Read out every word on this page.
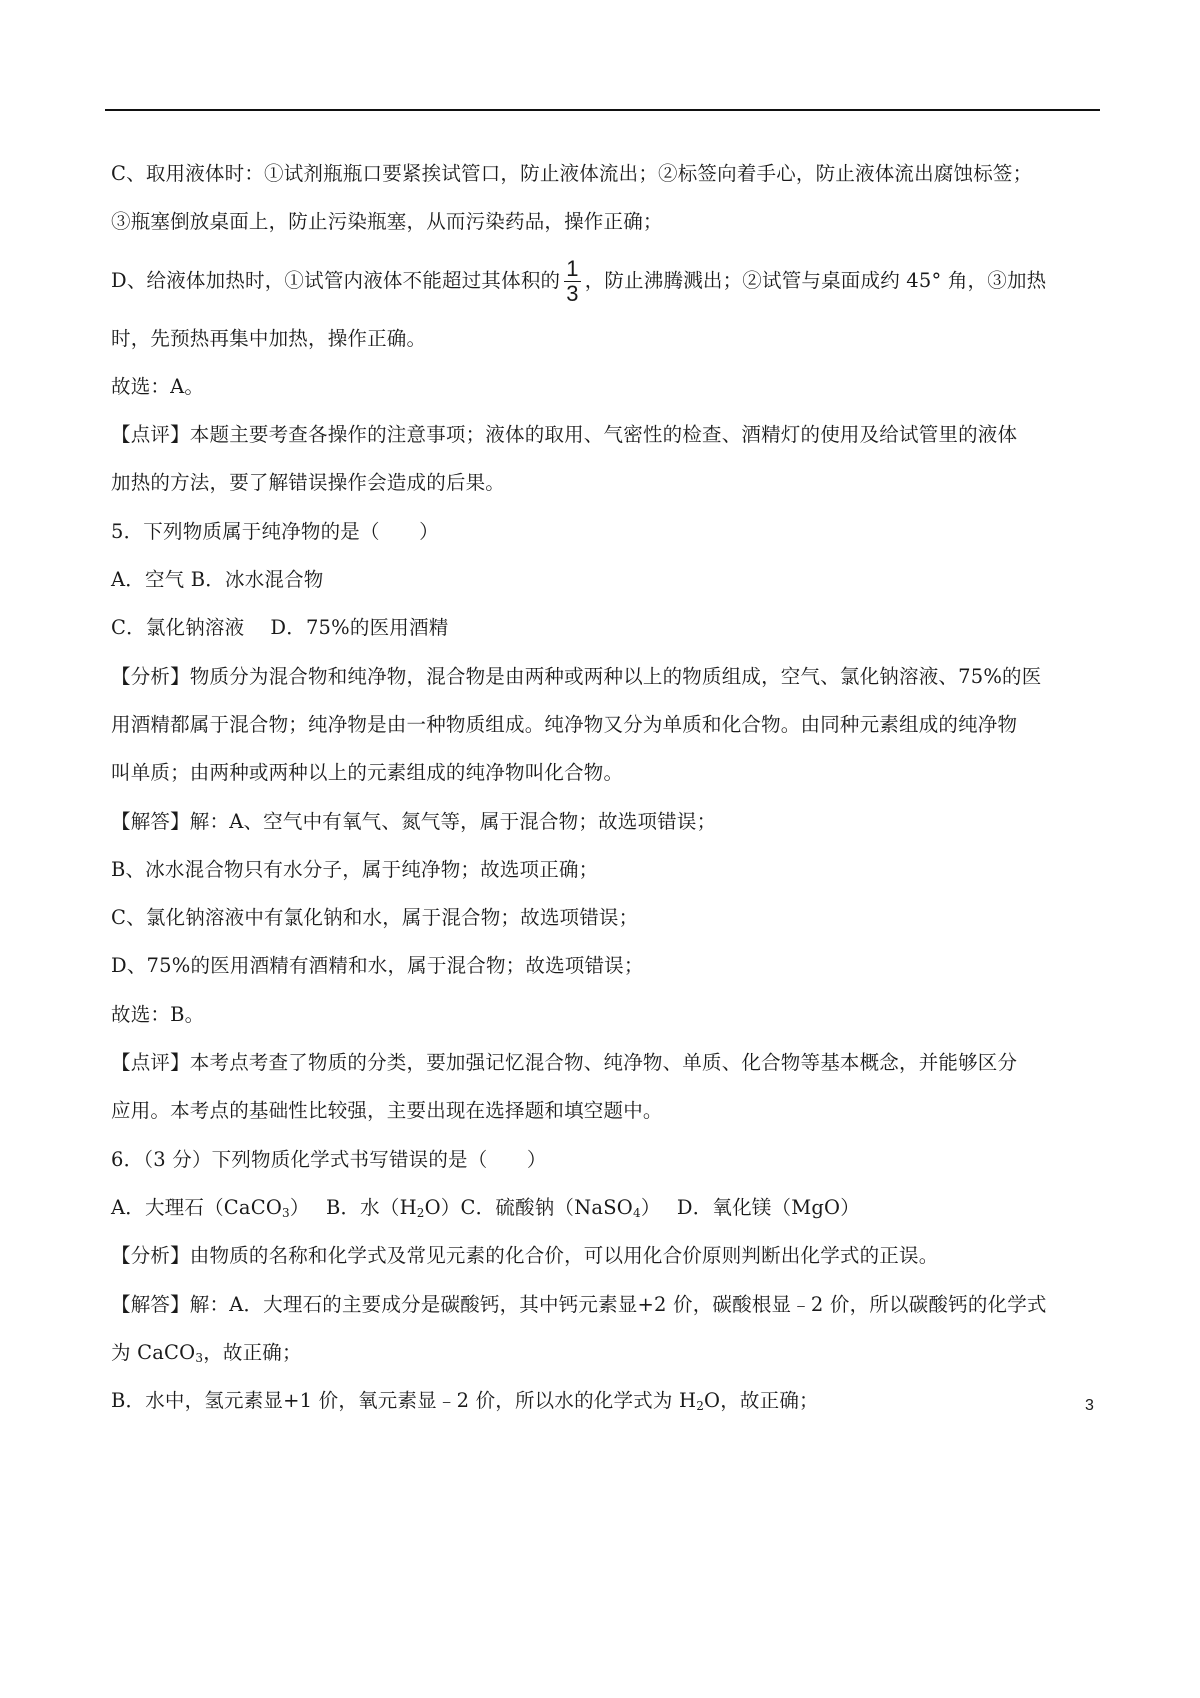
C、取用液体时：①试剂瓶瓶口要紧挨试管口，防止液体流出；②标签向着手心，防止液体流出腐蚀标签；
③瓶塞倒放桌面上，防止污染瓶塞，从而污染药品，操作正确；
D、给液体加热时，①试管内液体不能超过其体积的 $\frac{1}{3}$ ，防止沸腾溅出；②试管与桌面成约 45° 角，③加热
时，先预热再集中加热，操作正确。
故选：A。
【点评】本题主要考查各操作的注意事项；液体的取用、气密性的检查、酒精灯的使用及给试管里的液体
加热的方法，要了解错误操作会造成的后果。
5．下列物质属于纯净物的是（　　）
A．空气 B．冰水混合物
C．氯化钠溶液　 D．75%的医用酒精
【分析】物质分为混合物和纯净物，混合物是由两种或两种以上的物质组成，空气、氯化钠溶液、75%的医
用酒精都属于混合物；纯净物是由一种物质组成。纯净物又分为单质和化合物。由同种元素组成的纯净物
叫单质；由两种或两种以上的元素组成的纯净物叫化合物。
【解答】解：A、空气中有氧气、氮气等，属于混合物；故选项错误；
B、冰水混合物只有水分子，属于纯净物；故选项正确；
C、氯化钠溶液中有氯化钠和水，属于混合物；故选项错误；
D、75%的医用酒精有酒精和水，属于混合物；故选项错误；
故选：B。
【点评】本考点考查了物质的分类，要加强记忆混合物、纯净物、单质、化合物等基本概念，并能够区分
应用。本考点的基础性比较强，主要出现在选择题和填空题中。
6．（3 分）下列物质化学式书写错误的是（　　）
A．大理石（CaCO$_3$）　 B．水$(H_2O)C$．硫酸钠（NaSO$_4$）　 D．氧化镁（MgO）
【分析】由物质的名称和化学式及常见元素的化合价，可以用化合价原则判断出化学式的正误。
【解答】解：A．大理石的主要成分是碳酸钙，其中钙元素显+2 价，碳酸根显﹣2 价，所以碳酸钙的化学式
为 CaCO$_3$，故正确；
B．水中，氢元素显+1 价，氧元素显﹣2 价，所以水的化学式为 $H_2O$，故正确；	3
